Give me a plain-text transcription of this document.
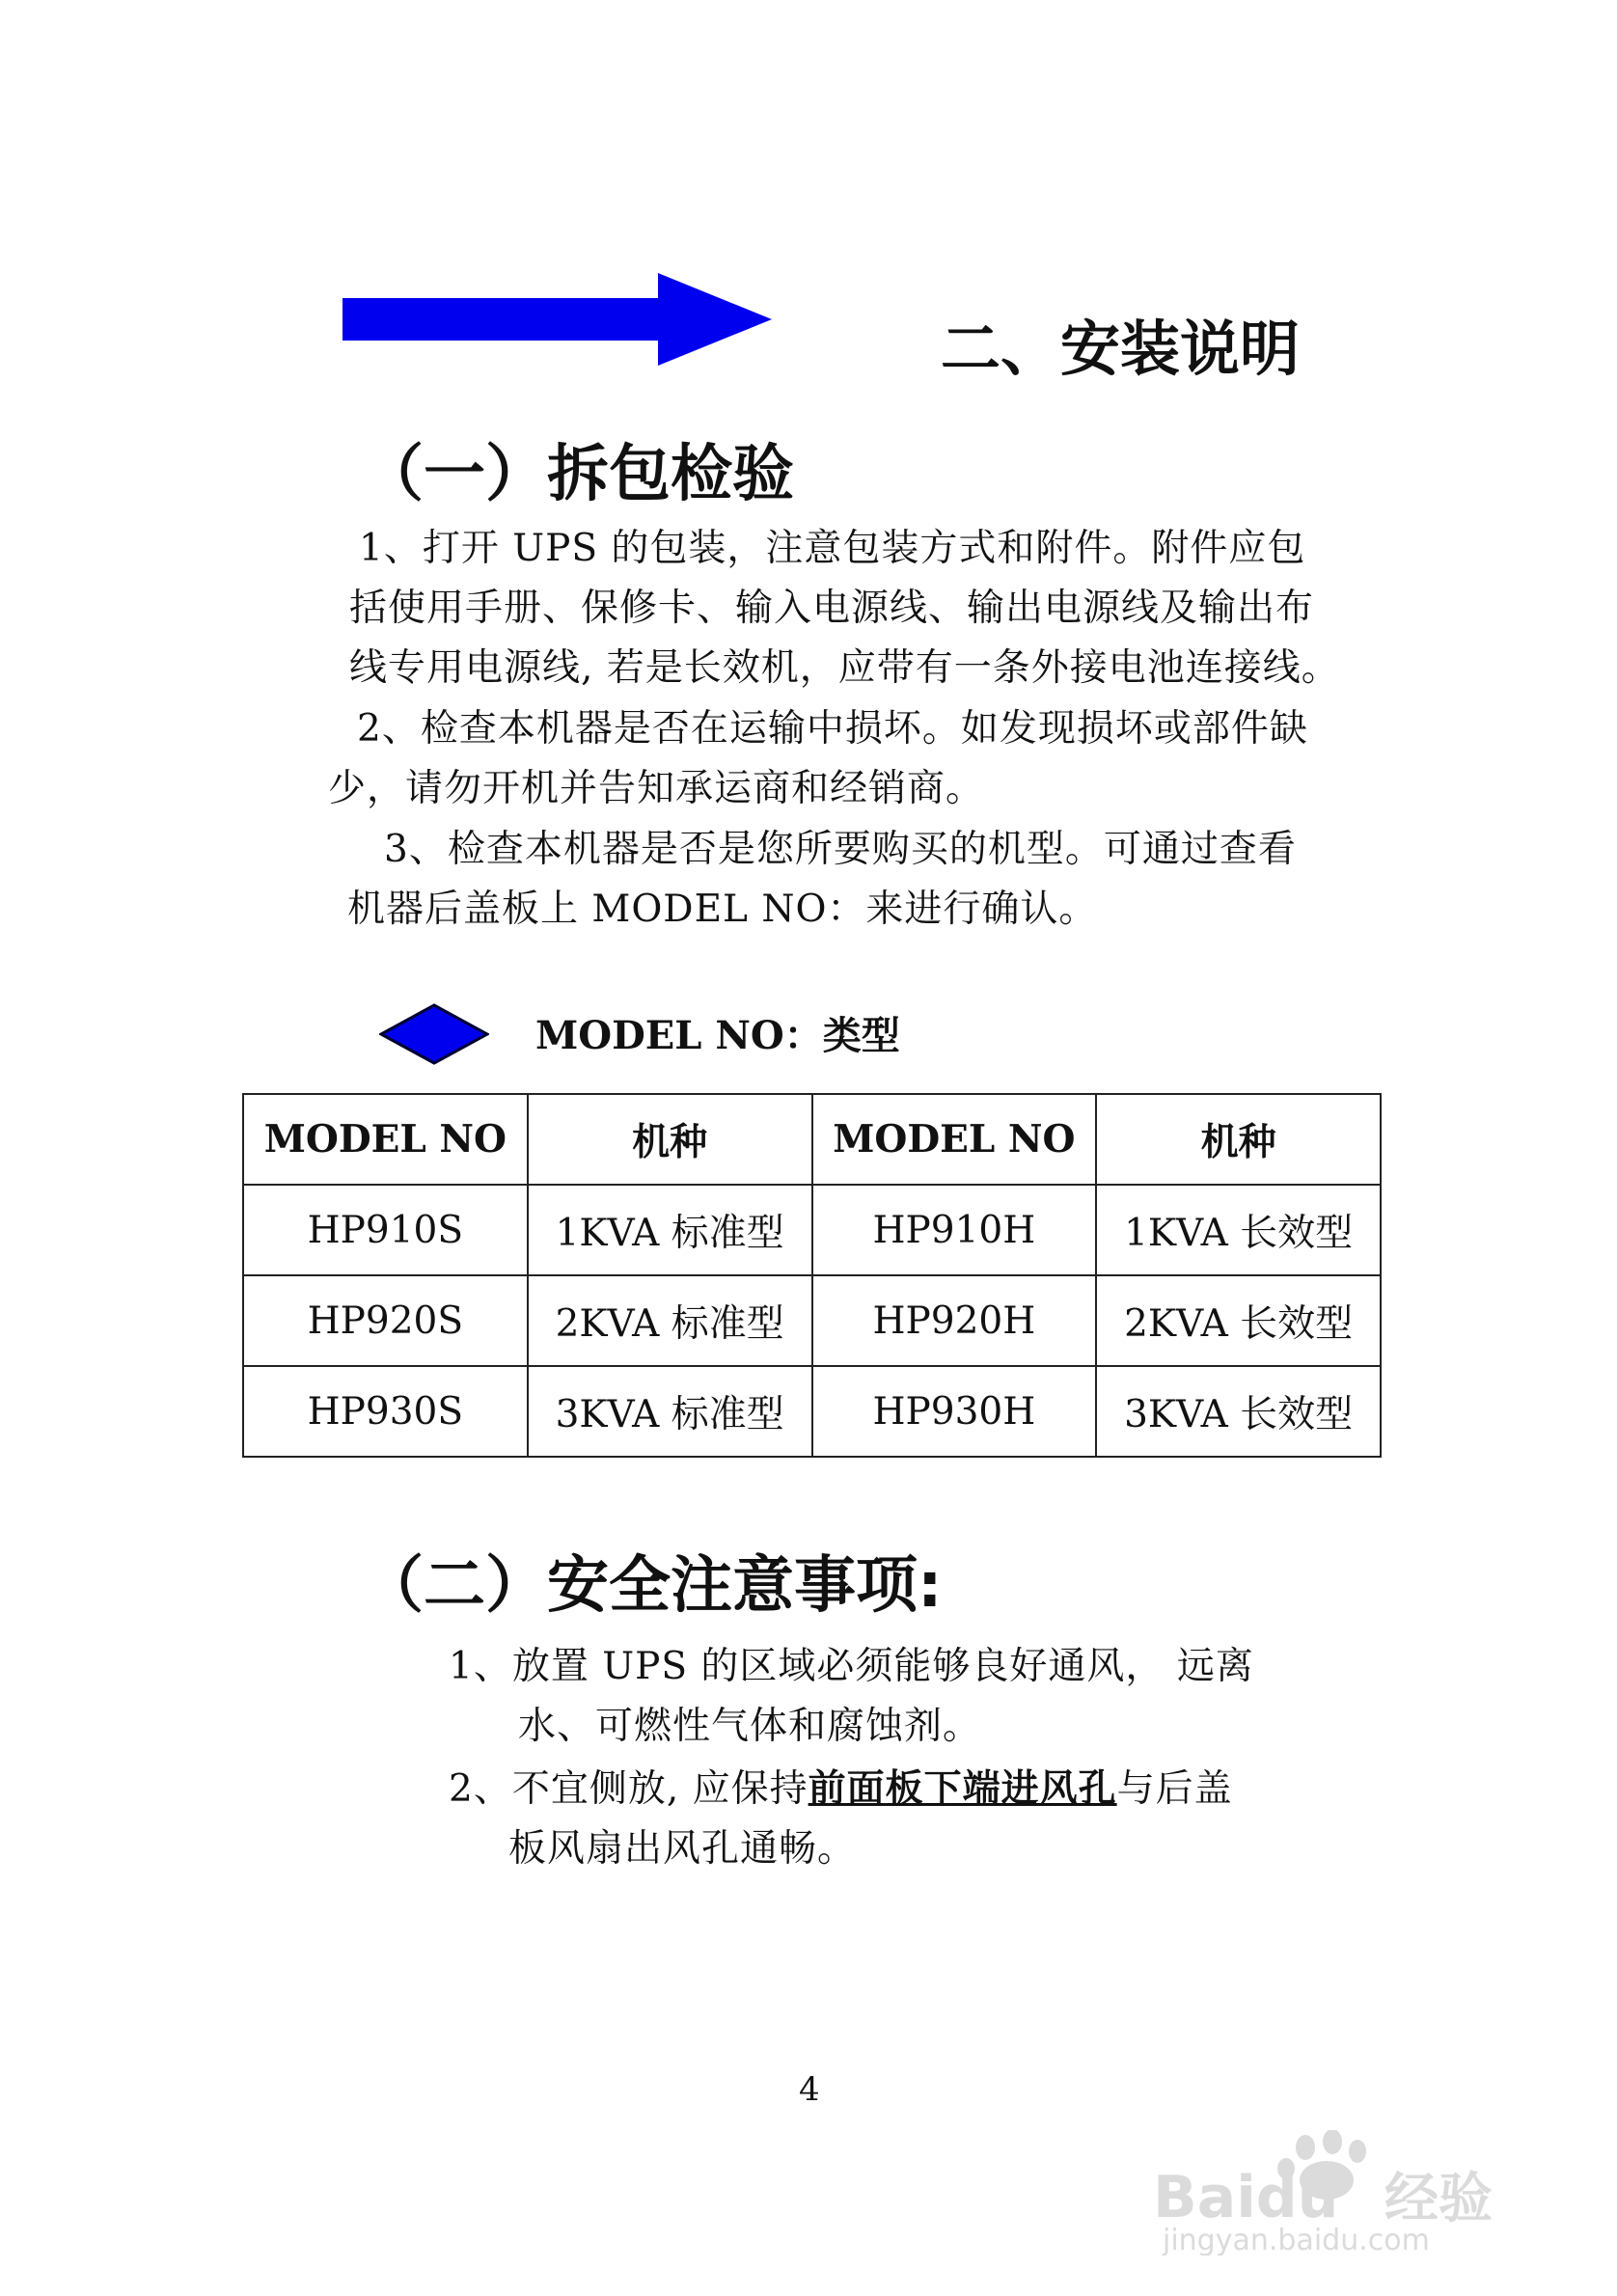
二、安装说明
（一）拆包检验
1、打开 UPS 的包装，注意包装方式和附件。附件应包
括使用手册、保修卡、输入电源线、输出电源线及输出布
线专用电源线, 若是长效机，应带有一条外接电池连接线。
2、检查本机器是否在运输中损坏。如发现损坏或部件缺
少，请勿开机并告知承运商和经销商。
3、检查本机器是否是您所要购买的机型。可通过查看
机器后盖板上 MODEL NO：来进行确认。
MODEL NO：类型
MODEL NO	机种	MODEL NO	机种
HP910S	1KVA 标准型	HP910H	1KVA 长效型
HP920S	2KVA 标准型	HP920H	2KVA 长效型
HP930S	3KVA 标准型	HP930H	3KVA 长效型
（二）安全注意事项:
1、放置 UPS 的区域必须能够良好通风， 远离
水、可燃性气体和腐蚀剂。
2、不宜侧放, 应保持前面板下端进风孔与后盖
板风扇出风孔通畅。
4
Baidu 经验
jingyan.baidu.com
